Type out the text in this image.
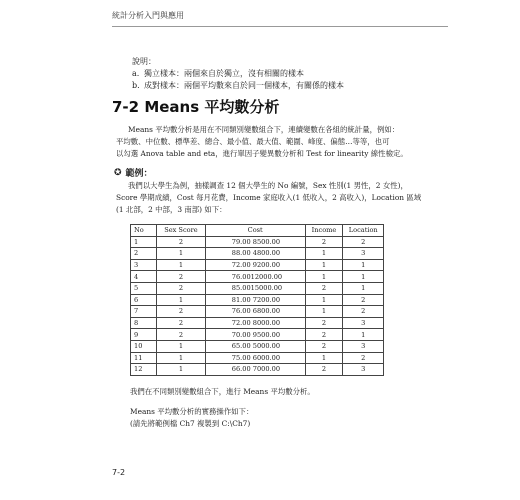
統計分析入門與應用
說明：
a. 獨立樣本：兩個來自於獨立，沒有相關的樣本
b. 成對樣本：兩個平均數來自於同一個樣本，有關係的樣本
7-2 Means 平均數分析
Means 平均數分析是用在不同類別變數組合下，連續變數在各組的統計量，例如：
平均數、中位數、標準差、總合、最小值、最大值、範圍、峰度、偏態…等等，也可
以勾選 Anova table and eta，進行單因子變異數分析和 Test for linearity 線性檢定。
✪ 範例：
我們以大學生為例，抽樣調查 12 個大學生的 No 編號，Sex 性別(1 男性，2 女性)，
Score 學期成績，Cost 每月花費，Income 家庭收入(1 低收入，2 高收入)，Location 區域
(1 北部，2 中部，3 南部) 如下：
No	Sex Score	Cost	Income	Location
1	2	79.00 8500.00	2	2
2	1	88.00 4800.00	1	3
3	1	72.00 9200.00	1	1
4	2	76.0012000.00	1	1
5	2	85.0015000.00	2	1
6	1	81.00 7200.00	1	2
7	2	76.00 6800.00	1	2
8	2	72.00 8000.00	2	3
9	2	70.00 9500.00	2	1
10	1	65.00 5000.00	2	3
11	1	75.00 6000.00	1	2
12	1	66.00 7000.00	2	3
我們在不同類別變數組合下，進行 Means 平均數分析。
Means 平均數分析的實務操作如下：
(請先將範例檔 Ch7 複製到 C:\Ch7)
7-2
